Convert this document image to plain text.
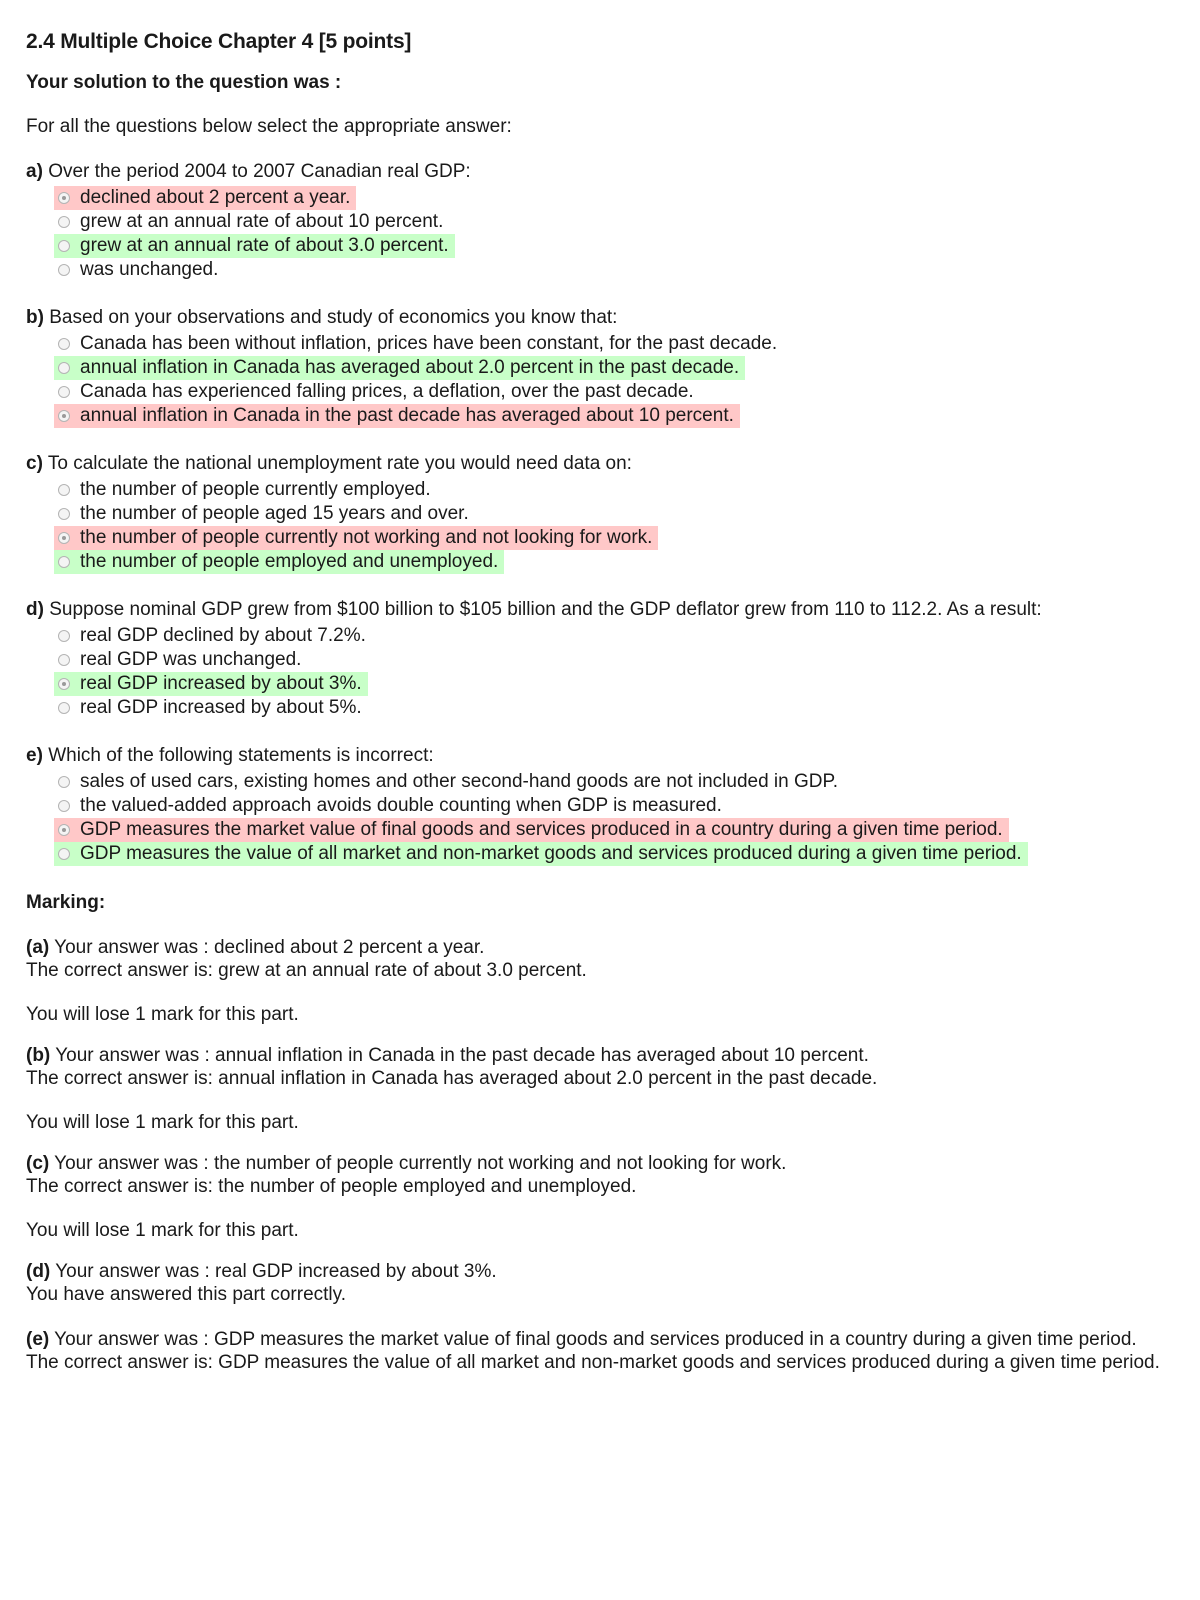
2.4 Multiple Choice Chapter 4 [5 points]
Your solution to the question was :
For all the questions below select the appropriate answer:
a) Over the period 2004 to 2007 Canadian real GDP:
declined about 2 percent a year.
grew at an annual rate of about 10 percent.
grew at an annual rate of about 3.0 percent.
was unchanged.
b) Based on your observations and study of economics you know that:
Canada has been without inflation, prices have been constant, for the past decade.
annual inflation in Canada has averaged about 2.0 percent in the past decade.
Canada has experienced falling prices, a deflation, over the past decade.
annual inflation in Canada in the past decade has averaged about 10 percent.
c) To calculate the national unemployment rate you would need data on:
the number of people currently employed.
the number of people aged 15 years and over.
the number of people currently not working and not looking for work.
the number of people employed and unemployed.
d) Suppose nominal GDP grew from $100 billion to $105 billion and the GDP deflator grew from 110 to 112.2. As a result:
real GDP declined by about 7.2%.
real GDP was unchanged.
real GDP increased by about 3%.
real GDP increased by about 5%.
e) Which of the following statements is incorrect:
sales of used cars, existing homes and other second-hand goods are not included in GDP.
the valued-added approach avoids double counting when GDP is measured.
GDP measures the market value of final goods and services produced in a country during a given time period.
GDP measures the value of all market and non-market goods and services produced during a given time period.
Marking:
(a) Your answer was : declined about 2 percent a year.
The correct answer is: grew at an annual rate of about 3.0 percent.
You will lose 1 mark for this part.
(b) Your answer was : annual inflation in Canada in the past decade has averaged about 10 percent.
The correct answer is: annual inflation in Canada has averaged about 2.0 percent in the past decade.
You will lose 1 mark for this part.
(c) Your answer was : the number of people currently not working and not looking for work.
The correct answer is: the number of people employed and unemployed.
You will lose 1 mark for this part.
(d) Your answer was : real GDP increased by about 3%.
You have answered this part correctly.
(e) Your answer was : GDP measures the market value of final goods and services produced in a country during a given time period.
The correct answer is: GDP measures the value of all market and non-market goods and services produced during a given time period.
